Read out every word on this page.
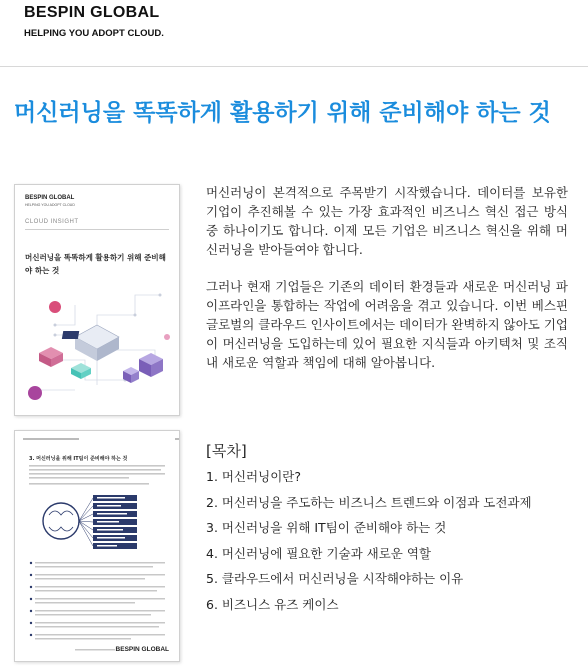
BESPIN GLOBAL
HELPING YOU ADOPT CLOUD.
머신러닝을 똑똑하게 활용하기 위해 준비해야 하는 것
BESPIN GLOBAL
HELPING YOU ADOPT CLOUD
CLOUD INSIGHT
머신러닝을 똑똑하게 활용하기 위해 준비해야 하는 것
3. 머신러닝을 위해 IT팀이 준비해야 하는 것
BESPIN GLOBAL

머신러닝이 본격적으로 주목받기 시작했습니다. 데이터를 보유한 기업이 추진해볼 수 있는 가장 효과적인 비즈니스 혁신 접근 방식 중 하나이기도 합니다. 이제 모든 기업은 비즈니스 혁신을 위해 머신러닝을 받아들여야 합니다.

그러나 현재 기업들은 기존의 데이터 환경들과 새로운 머신러닝 파이프라인을 통합하는 작업에 어려움을 겪고 있습니다. 이번 베스핀글로벌의 클라우드 인사이트에서는 데이터가 완벽하지 않아도 기업이 머신러닝을 도입하는데 있어 필요한 지식들과 아키텍처 및 조직 내 새로운 역할과 책임에 대해 알아봅니다.

[목차]
1. 머신러닝이란?
2. 머신러닝을 주도하는 비즈니스 트렌드와 이점과 도전과제
3. 머신러닝을 위해 IT팀이 준비해야 하는 것
4. 머신러닝에 필요한 기술과 새로운 역할
5. 클라우드에서 머신러닝을 시작해야하는 이유
6. 비즈니스 유즈 케이스
